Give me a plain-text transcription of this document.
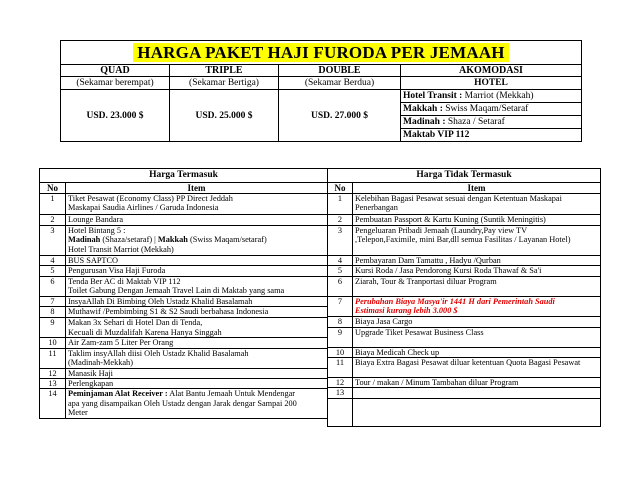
HARGA PAKET HAJI FURODA PER JEMAAH			
QUAD	TRIPLE	DOUBLE	AKOMODASI
(Sekamar berempat)	(Sekamar Bertiga)	(Sekamar Berdua)	HOTEL
USD. 23.000 $	USD. 25.000 $	USD. 27.000 $	Hotel Transit : Marriot (Mekkah)
			Makkah : Swiss Maqam/Setaraf
			Madinah : Shaza / Setaraf
			Maktab VIP 112
Harga Termasuk	
No	Item
1	Tiket Pesawat (Economy Class) PP Direct Jeddah
Maskapai Saudia Airlines / Garuda Indonesia

2	Lounge Bandara

3	Hotel Bintang 5 :
Madinah (Shaza/setaraf) | Makkah (Swiss Maqam/setaraf)
Hotel Transit Marriot (Mekkah)

4	BUS SAPTCO

5	Pengurusan Visa Haji Furoda

6	Tenda Ber AC di Maktab VIP 112
Toilet Gabung Dengan Jemaah Travel Lain di Maktab yang sama

7	InsyaAllah Di Bimbing Oleh Ustadz Khalid Basalamah

8	Muthawif /Pembimbing S1 & S2 Saudi berbahasa Indonesia

9	Makan 3x Sehari di Hotel Dan di Tenda,
Kecuali di Muzdalifah Karena Hanya Singgah

10	Air Zam-zam 5 Liter Per Orang

11	Taklim insyAllah diisi Oleh Ustadz Khalid Basalamah
(Madinah-Mekkah)

12	Manasik Haji

13	Perlengkapan

14	Peminjaman Alat Receiver : Alat Bantu Jemaah Untuk Mendengar
apa yang disampaikan Oleh Ustadz dengan Jarak dengar Sampai 200
Meter
Harga Tidak Termasuk	
No	Item
1	Kelebihan Bagasi Pesawat sesuai dengan Ketentuan Maskapai
Penerbangan

2	Pembuatan Passport & Kartu Kuning (Suntik Meningitis)

3	Pengeluaran Pribadi Jemaah (Laundry,Pay view TV
,Telepon,Faximile, mini Bar,dll semua Fasilitas / Layanan Hotel)

4	Pembayaran Dam Tamattu , Hadyu /Qurban

5	Kursi Roda / Jasa Pendorong Kursi Roda Thawaf & Sa'i

6	Ziarah, Tour & Tranportasi diluar Program

7	Perubahan Biaya Masya'ir 1441 H dari Pemerintah Saudi
Estimasi kurang lebih 3.000 $

8	Biaya Jasa Cargo

9	Upgrade Tiket Pesawat Business Class

10	Biaya Medicah Check up

11	Biaya Extra Bagasi Pesawat diluar ketentuan Quota Bagasi Pesawat

12	Tour / makan / Minum Tambahan diluar Program

13	
